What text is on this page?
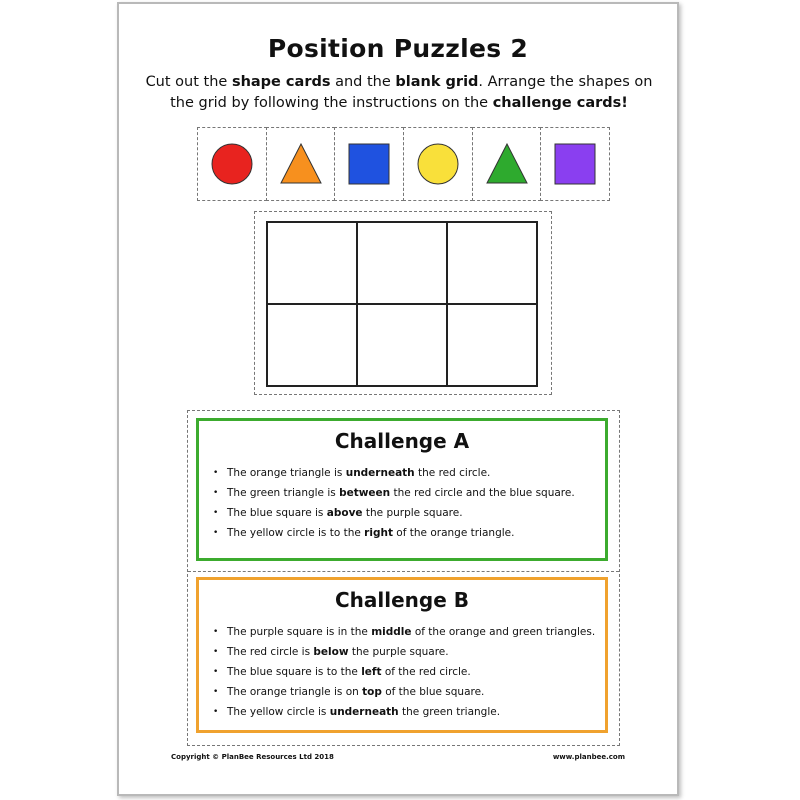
Position Puzzles 2
Cut out the shape cards and the blank grid. Arrange the shapes on the grid by following the instructions on the challenge cards!
Challenge A
• The orange triangle is underneath the red circle.
• The green triangle is between the red circle and the blue square.
• The blue square is above the purple square.
• The yellow circle is to the right of the orange triangle.
Challenge B
• The purple square is in the middle of the orange and green triangles.
• The red circle is below the purple square.
• The blue square is to the left of the red circle.
• The orange triangle is on top of the blue square.
• The yellow circle is underneath the green triangle.
Copyright © PlanBee Resources Ltd 2018	www.planbee.com
